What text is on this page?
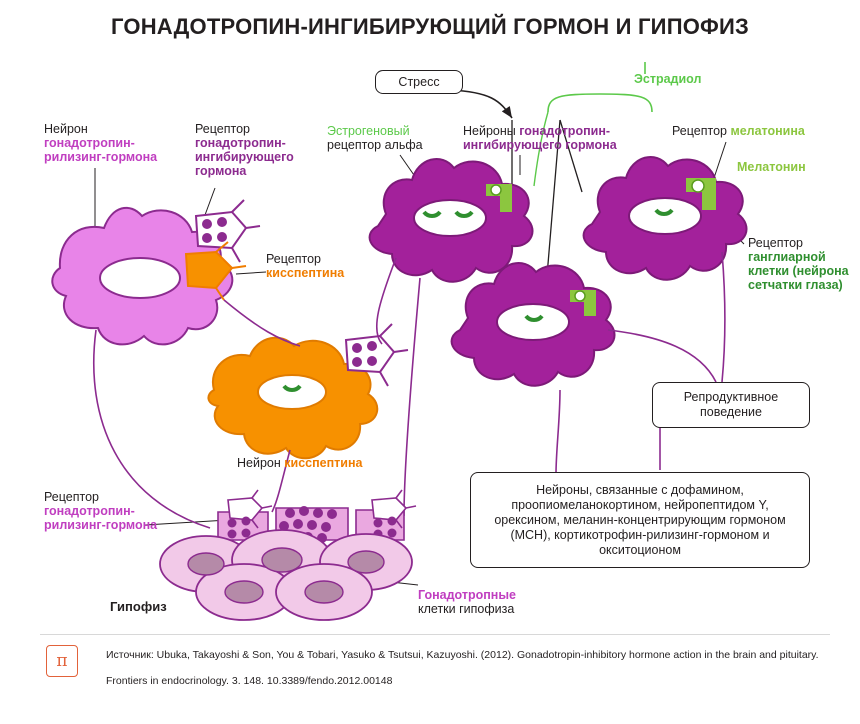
ГОНАДОТРОПИН-ИНГИБИРУЮЩИЙ ГОРМОН И ГИПОФИЗ
Стресс
Репродуктивное поведение
Нейроны, связанные с дофамином, проопиомеланокортином, нейропептидом Y, орексином, меланин-концентрирующим гормоном (MCH), кортикотрофин-рилизинг-гормоном и окситоционом
Эстрадиол
Нейрон
гонадотропин-
рилизинг-гормона
Рецептор
гонадотропин-
ингибирующего
гормона
Эстрогеновый
рецептор альфа
Нейроны гонадотропин-
ингибирующего гормона
Рецептор мелатонина
Мелатонин
Рецептор
кисспептина
Рецептор
ганглиарной
клетки (нейрона
сетчатки глаза)
Нейрон кисспептина
Рецептор
гонадотропин-
рилизинг-гормона
Гипофиз
Гонадотропные
клетки гипофиза
π	Источник: Ubuka, Takayoshi & Son, You & Tobari, Yasuko & Tsutsui, Kazuyoshi. (2012). Gonadotropin-inhibitory hormone action in the brain and pituitary.
Frontiers in endocrinology. 3. 148. 10.3389/fendo.2012.00148
